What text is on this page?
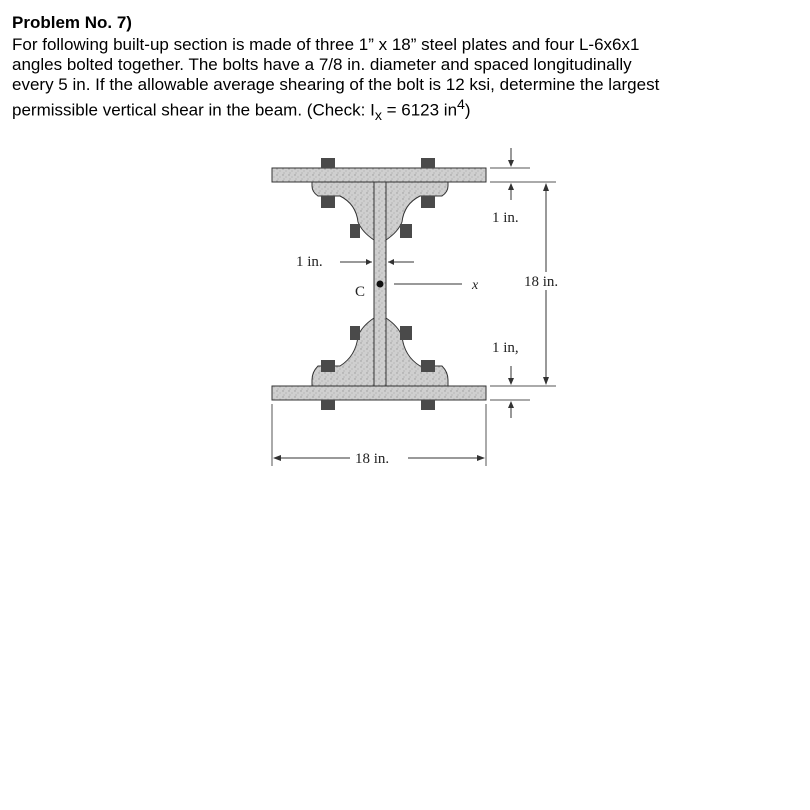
Problem No. 7)

For following built-up section is made of three 1” x 18” steel plates and four L-6x6x1
angles bolted together. The bolts have a 7/8 in. diameter and spaced longitudinally
every 5 in. If the allowable average shearing of the bolt is 12 ksi, determine the largest
permissible vertical shear in the beam. (Check: $I_x = 6123$ $in^4$)

C	x
1 in.
1 in.
18 in.
1 in,
18 in.
